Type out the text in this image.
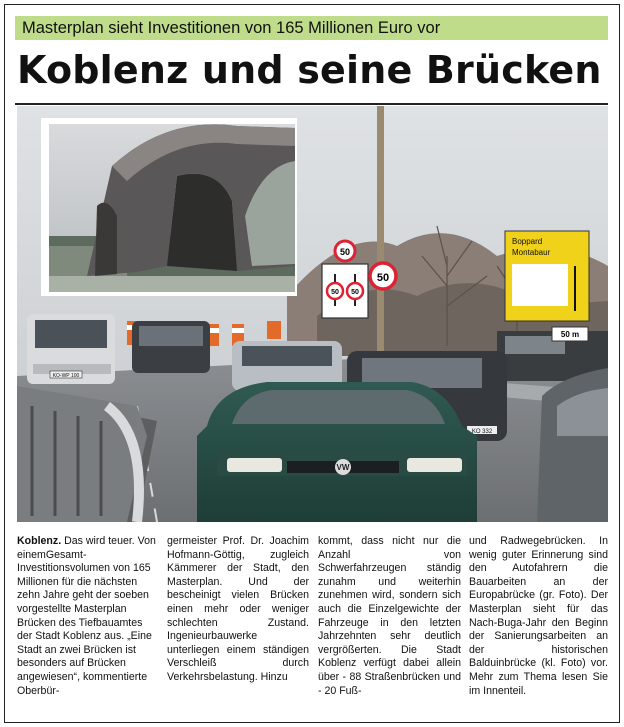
Masterplan sieht Investitionen von 165 Millionen Euro vor
Koblenz und seine Brücken
KO-WP 100
KO 332
VW
50
50 50
50
Boppard
Montabaur
50 m

Koblenz. Das wird teuer. Von einemGesamt-Investitionsvolumen von 165 Millionen für die nächsten zehn Jahre geht der soeben vorgestellte Masterplan Brücken des Tiefbauamtes der Stadt Koblenz aus. „Eine Stadt an zwei Brücken ist besonders auf Brücken angewiesen“, kommentierte Oberbür-

germeister Prof. Dr. Joachim Hofmann-Göttig, zugleich Kämmerer der Stadt, den Masterplan. Und der bescheinigt vielen Brücken einen mehr oder weniger schlechten Zustand. Ingenieurbauwerke unterliegen einem ständigen Verschleiß durch Verkehrsbelastung. Hinzu

kommt, dass nicht nur die Anzahl von Schwerfahrzeugen ständig zunahm und weiterhin zunehmen wird, sondern sich auch die Einzelgewichte der Fahrzeuge in den letzten Jahrzehnten sehr deutlich vergrößerten. Die Stadt Koblenz verfügt dabei allein über - 88 Straßenbrücken und - 20 Fuß-

und Radwegebrücken. In wenig guter Erinnerung sind den Autofahrern die Bauarbeiten an der Europabrücke (gr. Foto). Der Masterplan sieht für das Nach-Buga-Jahr den Beginn der Sanierungsarbeiten an der historischen Balduinbrücke (kl. Foto) vor. Mehr zum Thema lesen Sie im Innenteil.
